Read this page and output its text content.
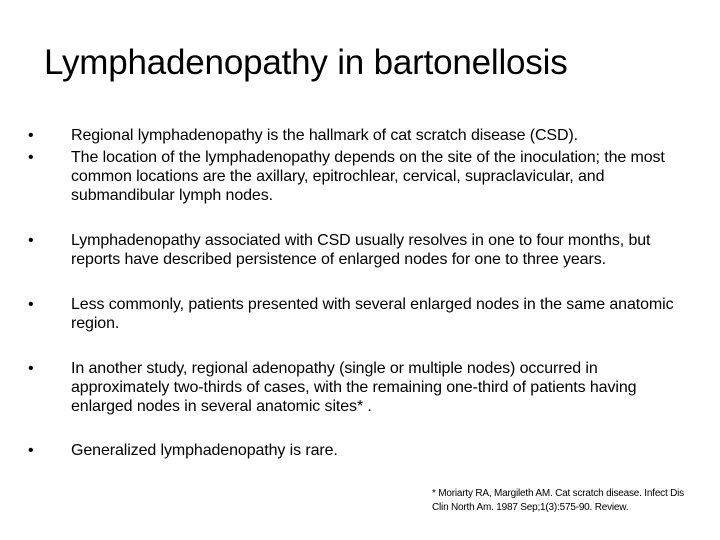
Lymphadenopathy in bartonellosis
•	Regional lymphadenopathy is the hallmark of cat scratch disease (CSD).
•	The location of the lymphadenopathy depends on the site of the inoculation; the most common locations are the axillary, epitrochlear, cervical, supraclavicular, and submandibular lymph nodes.
•	Lymphadenopathy associated with CSD usually resolves in one to four months, but reports have described persistence of enlarged nodes for one to three years.
•	Less commonly, patients presented with several enlarged nodes in the same anatomic region.
•	In another study, regional adenopathy (single or multiple nodes) occurred in approximately two-thirds of cases, with the remaining one-third of patients having enlarged nodes in several anatomic sites* .
•	Generalized lymphadenopathy is rare.
* Moriarty RA, Margileth AM. Cat scratch disease. Infect Dis Clin North Am. 1987 Sep;1(3):575-90. Review.
